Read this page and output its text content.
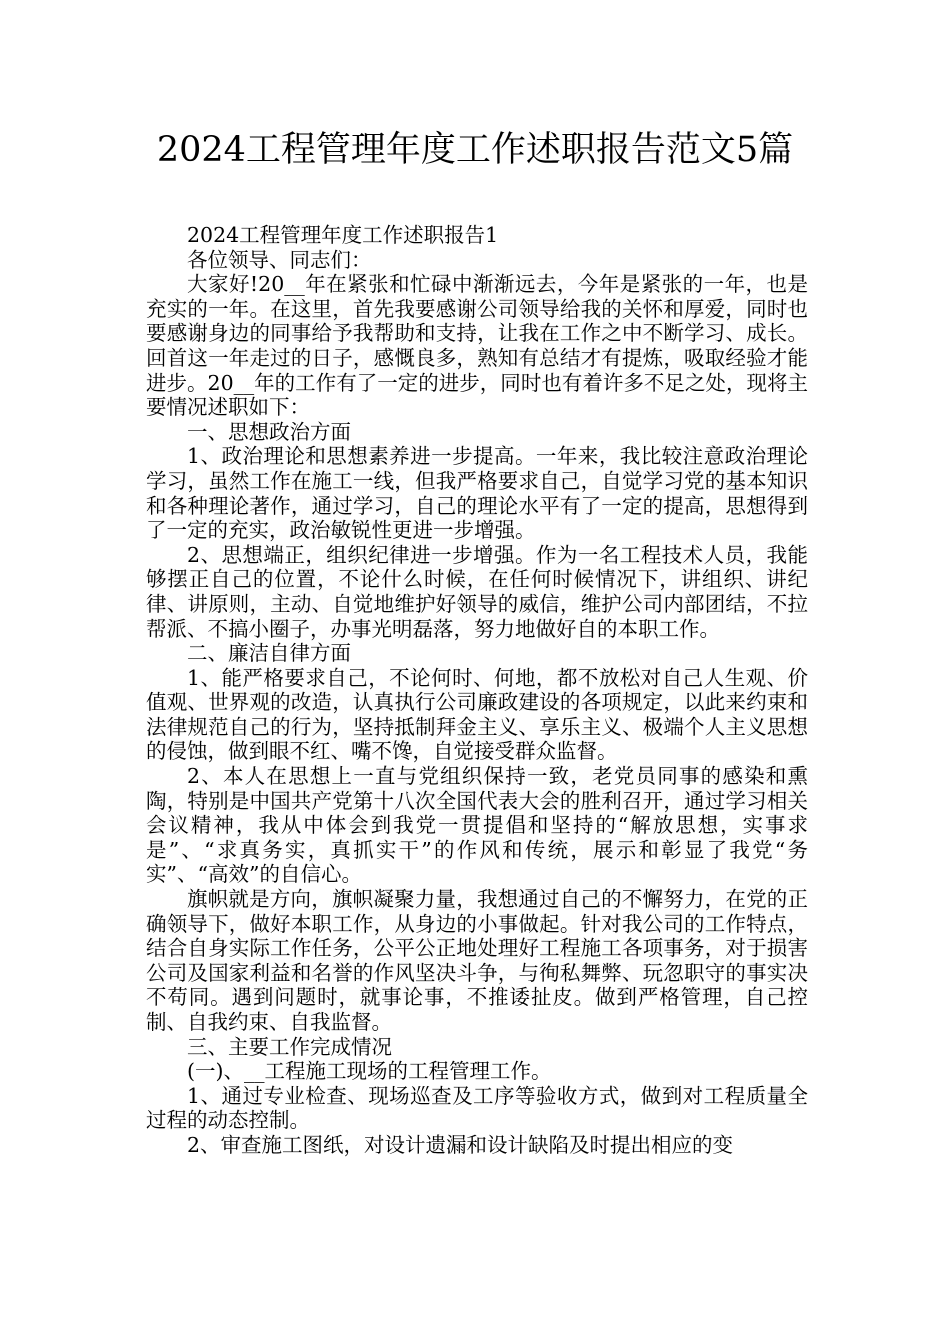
2024工程管理年度工作述职报告范文5篇

2024工程管理年度工作述职报告1

各位领导、同志们：

大家好!20__年在紧张和忙碌中渐渐远去，今年是紧张的一年，也是充实的一年。在这里，首先我要感谢公司领导给我的关怀和厚爱，同时也要感谢身边的同事给予我帮助和支持，让我在工作之中不断学习、成长。回首这一年走过的日子，感慨良多，熟知有总结才有提炼，吸取经验才能进步。20__年的工作有了一定的进步，同时也有着许多不足之处，现将主要情况述职如下：

一、思想政治方面

1、政治理论和思想素养进一步提高。一年来，我比较注意政治理论学习，虽然工作在施工一线，但我严格要求自己，自觉学习党的基本知识和各种理论著作，通过学习，自己的理论水平有了一定的提高，思想得到了一定的充实，政治敏锐性更进一步增强。

2、思想端正，组织纪律进一步增强。作为一名工程技术人员，我能够摆正自己的位置，不论什么时候，在任何时候情况下，讲组织、讲纪律、讲原则，主动、自觉地维护好领导的威信，维护公司内部团结，不拉帮派、不搞小圈子，办事光明磊落，努力地做好自的本职工作。

二、廉洁自律方面

1、能严格要求自己，不论何时、何地，都不放松对自己人生观、价值观、世界观的改造，认真执行公司廉政建设的各项规定，以此来约束和法律规范自己的行为，坚持抵制拜金主义、享乐主义、极端个人主义思想的侵蚀，做到眼不红、嘴不馋，自觉接受群众监督。

2、本人在思想上一直与党组织保持一致，老党员同事的感染和熏陶，特别是中国共产党第十八次全国代表大会的胜利召开，通过学习相关会议精神，我从中体会到我党一贯提倡和坚持的“解放思想，实事求是”、“求真务实，真抓实干”的作风和传统，展示和彰显了我党“务实”、“高效”的自信心。

旗帜就是方向，旗帜凝聚力量，我想通过自己的不懈努力，在党的正确领导下，做好本职工作，从身边的小事做起。针对我公司的工作特点，结合自身实际工作任务，公平公正地处理好工程施工各项事务，对于损害公司及国家利益和名誉的作风坚决斗争，与徇私舞弊、玩忽职守的事实决不苟同。遇到问题时，就事论事，不推诿扯皮。做到严格管理，自己控制、自我约束、自我监督。

三、主要工作完成情况

(一)、__工程施工现场的工程管理工作。

1、通过专业检查、现场巡查及工序等验收方式，做到对工程质量全过程的动态控制。

2、审查施工图纸，对设计遗漏和设计缺陷及时提出相应的变
